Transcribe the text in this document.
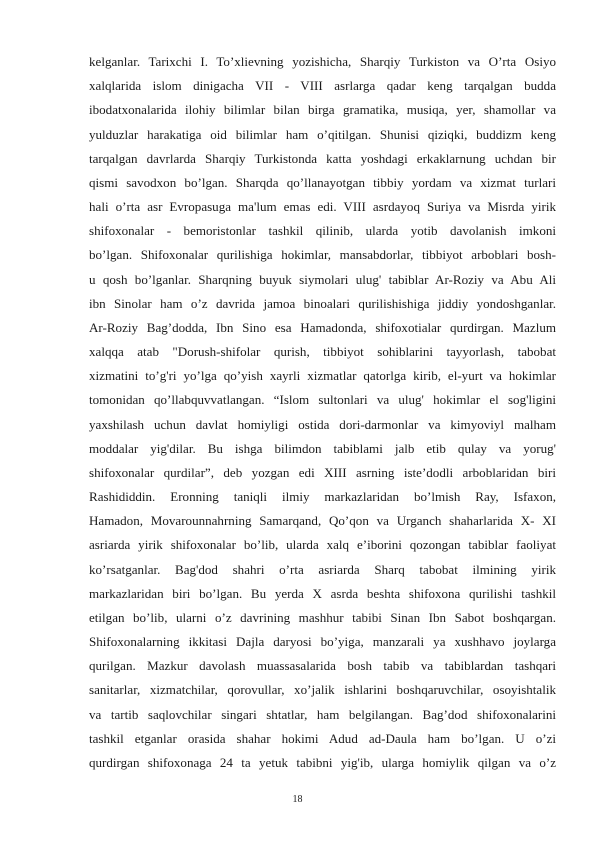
kelganlar. Tarixchi I. To’xlievning yozishicha, Sharqiy Turkiston va O’rta Osiyo
xalqlarida islom dinigacha VII - VIII asrlarga qadar keng tarqalgan budda
ibodatxonalarida ilohiy bilimlar bilan birga gramatika, musiqa, yer, shamollar va
yulduzlar harakatiga oid bilimlar ham o’qitilgan. Shunisi qiziqki, buddizm keng
tarqalgan davrlarda Sharqiy Turkistonda katta yoshdagi erkaklarnung uchdan bir
qismi savodxon bo’lgan. Sharqda qo’llanayotgan tibbiy yordam va xizmat turlari
hali o’rta asr Evropasuga ma'lum emas edi. VIII asrdayoq Suriya va Misrda yirik
shifoxonalar - bemoristonlar tashkil qilinib, ularda yotib davolanish imkoni
bo’lgan. Shifoxonalar qurilishiga hokimlar, mansabdorlar, tibbiyot arboblari bosh-
u qosh bo’lganlar. Sharqning buyuk siymolari ulug' tabiblar Ar-Roziy va Abu Ali
ibn Sinolar ham o’z davrida jamoa binoalari qurilishishiga jiddiy yondoshganlar.
Ar-Roziy Bag’dodda, Ibn Sino esa Hamadonda, shifoxotialar qurdirgan. Mazlum
xalqqa atab "Dorush-shifolar qurish, tibbiyot sohiblarini tayyorlash, tabobat
xizmatini to’g'ri yo’lga qo’yish xayrli xizmatlar qatorlga kirib, el-yurt va hokimlar
tomonidan qo’llabquvvatlangan. “Islom sultonlari va ulug' hokimlar el sog'ligini
yaxshilash uchun davlat homiyligi ostida dori-darmonlar va kimyoviyl malham
moddalar yig'dilar. Bu ishga bilimdon tabiblami jalb etib qulay va yorug'
shifoxonalar qurdilar”, deb yozgan edi XIII asrning iste’dodli arboblaridan biri
Rashididdin. Eronning taniqli ilmiy markazlaridan bo’lmish Ray, Isfaxon,
Hamadon, Movarounnahrning Samarqand, Qo’qon va Urganch shaharlarida X- XI
asriarda yirik shifoxonalar bo’lib, ularda xalq e’iborini qozongan tabiblar faoliyat
ko’rsatganlar. Bag'dod shahri o’rta asriarda Sharq tabobat ilmining yirik
markazlaridan biri bo’lgan. Bu yerda X asrda beshta shifoxona qurilishi tashkil
etilgan bo’lib, ularni o’z davrining mashhur tabibi Sinan Ibn Sabot boshqargan.
Shifoxonalarning ikkitasi Dajla daryosi bo’yiga, manzarali ya xushhavo joylarga
qurilgan. Mazkur davolash muassasalarida bosh tabib va tabiblardan tashqari
sanitarlar, xizmatchilar, qorovullar, xo’jalik ishlarini boshqaruvchilar, osoyishtalik
va tartib saqlovchilar singari shtatlar, ham belgilangan. Bag’dod shifoxonalarini
tashkil etganlar orasida shahar hokimi Adud ad-Daula ham bo’lgan. U o’zi
qurdirgan shifoxonaga 24 ta yetuk tabibni yig'ib, ularga homiylik qilgan va o’z
18
